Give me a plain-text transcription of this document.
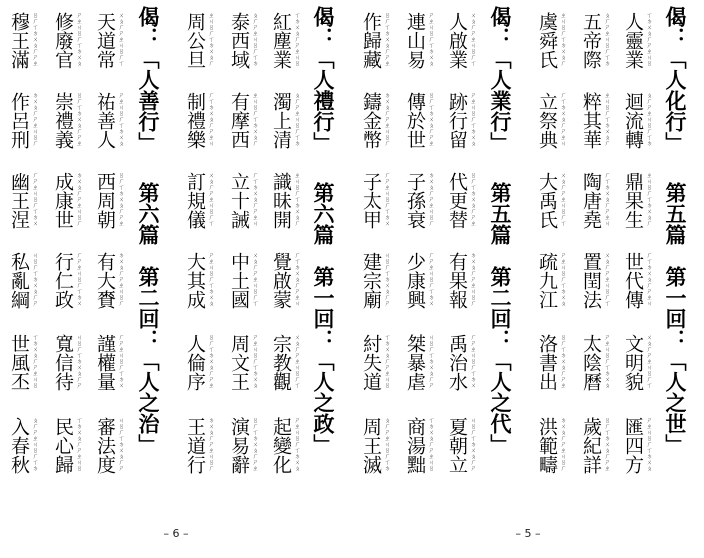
– 6 –
穆王滿 ㄖㄏㄒㄉㄨㄆㄏㄕㄓ
作呂刑 ㄉㄨㄆㄏㄕㄓㄐㄖㄏ
幽王涅 ㄏㄕㄓㄐㄖㄏㄒㄉㄨ
私亂綱 ㄐㄖㄏㄒㄉㄨㄆㄏㄕ
世風丕 ㄒㄉㄨㄆㄏㄕㄓㄐㄖ
入春秋 ㄆㄏㄕㄓㄐㄖㄏㄒㄉ
修廢官 ㄕㄓㄐㄖㄏㄒㄉㄨㄆ
崇禮義 ㄖㄏㄒㄉㄨㄆㄏㄕㄓ
成康世 ㄉㄨㄆㄏㄕㄓㄐㄖㄏ
行仁政 ㄏㄕㄓㄐㄖㄏㄒㄉㄨ
寬信待 ㄐㄖㄏㄒㄉㄨㄆㄏㄕ
民心歸 ㄒㄉㄨㄆㄏㄕㄓㄐㄖ
天道常 ㄨㄆㄏㄕㄓㄐㄖㄏㄒ
祐善人 ㄕㄓㄐㄖㄏㄒㄉㄨㄆ
西周朝 ㄖㄏㄒㄉㄨㄆㄏㄕㄓ
有大賚 ㄉㄨㄆㄏㄕㄓㄐㄖㄏ
謹權量 ㄏㄕㄓㄐㄖㄏㄒㄉㄨ
審法度 ㄐㄖㄏㄒㄉㄨㄆㄏㄕ
偈：「人善行」
第六篇　第二回：「人之治」
周公旦 ㄓㄐㄖㄏㄒㄉㄨㄆㄏ
制禮樂 ㄏㄒㄉㄨㄆㄏㄕㄓㄐ
訂規儀 ㄨㄆㄏㄕㄓㄐㄖㄏㄒ
大其成 ㄕㄓㄐㄖㄏㄒㄉㄨㄆ
人倫序 ㄖㄏㄒㄉㄨㄆㄏㄕㄓ
王道行 ㄉㄨㄆㄏㄕㄓㄐㄖㄏ
泰西域 ㄆㄏㄕㄓㄐㄖㄏㄒㄉ
有摩西 ㄓㄐㄖㄏㄒㄉㄨㄆㄏ
立十誡 ㄏㄒㄉㄨㄆㄏㄕㄓㄐ
中土國 ㄨㄆㄏㄕㄓㄐㄖㄏㄒ
周文王 ㄕㄓㄐㄖㄏㄒㄉㄨㄆ
演易辭 ㄖㄏㄒㄉㄨㄆㄏㄕㄓ
紅塵業 ㄒㄉㄨㄆㄏㄕㄓㄐㄖ
濁上清 ㄆㄏㄕㄓㄐㄖㄏㄒㄉ
識昧開 ㄓㄐㄖㄏㄒㄉㄨㄆㄏ
覺啟蒙 ㄏㄒㄉㄨㄆㄏㄕㄓㄐ
宗教觀 ㄨㄆㄏㄕㄓㄐㄖㄏㄒ
起變化 ㄕㄓㄐㄖㄏㄒㄉㄨㄆ
偈：「人禮行」
第六篇　第一回：「人之政」
– 5 –
作歸藏 ㄖㄏㄒㄉㄨㄆㄏㄕㄓ
鑄金幣 ㄉㄨㄆㄏㄕㄓㄐㄖㄏ
子太甲 ㄏㄕㄓㄐㄖㄏㄒㄉㄨ
建宗廟 ㄐㄖㄏㄒㄉㄨㄆㄏㄕ
紂失道 ㄒㄉㄨㄆㄏㄕㄓㄐㄖ
周王滅 ㄆㄏㄕㄓㄐㄖㄏㄒㄉ
連山易 ㄕㄓㄐㄖㄏㄒㄉㄨㄆ
傳於世 ㄖㄏㄒㄉㄨㄆㄏㄕㄓ
子孫衰 ㄉㄨㄆㄏㄕㄓㄐㄖㄏ
少康興 ㄏㄕㄓㄐㄖㄏㄒㄉㄨ
桀暴虐 ㄐㄖㄏㄒㄉㄨㄆㄏㄕ
商湯黜 ㄒㄉㄨㄆㄏㄕㄓㄐㄖ
人啟業 ㄨㄆㄏㄕㄓㄐㄖㄏㄒ
跡行留 ㄕㄓㄐㄖㄏㄒㄉㄨㄆ
代更替 ㄖㄏㄒㄉㄨㄆㄏㄕㄓ
有果報 ㄉㄨㄆㄏㄕㄓㄐㄖㄏ
禹治水 ㄏㄕㄓㄐㄖㄏㄒㄉㄨ
夏朝立 ㄐㄖㄏㄒㄉㄨㄆㄏㄕ
偈：「人業行」
第五篇　第二回：「人之代」
虞舜氏 ㄓㄐㄖㄏㄒㄉㄨㄆㄏ
立祭典 ㄏㄒㄉㄨㄆㄏㄕㄓㄐ
大禹氏 ㄨㄆㄏㄕㄓㄐㄖㄏㄒ
疏九江 ㄕㄓㄐㄖㄏㄒㄉㄨㄆ
洛書出 ㄖㄏㄒㄉㄨㄆㄏㄕㄓ
洪範疇 ㄉㄨㄆㄏㄕㄓㄐㄖㄏ
五帝際 ㄆㄏㄕㄓㄐㄖㄏㄒㄉ
粹其華 ㄓㄐㄖㄏㄒㄉㄨㄆㄏ
陶唐堯 ㄏㄒㄉㄨㄆㄏㄕㄓㄐ
置閏法 ㄨㄆㄏㄕㄓㄐㄖㄏㄒ
太陰曆 ㄕㄓㄐㄖㄏㄒㄉㄨㄆ
歲紀詳 ㄖㄏㄒㄉㄨㄆㄏㄕㄓ
人靈業 ㄒㄉㄨㄆㄏㄕㄓㄐㄖ
迴流轉 ㄆㄏㄕㄓㄐㄖㄏㄒㄉ
鼎果生 ㄓㄐㄖㄏㄒㄉㄨㄆㄏ
世代傳 ㄏㄒㄉㄨㄆㄏㄕㄓㄐ
文明貌 ㄨㄆㄏㄕㄓㄐㄖㄏㄒ
匯四方 ㄕㄓㄐㄖㄏㄒㄉㄨㄆ
偈：「人化行」
第五篇　第一回：「人之世」
